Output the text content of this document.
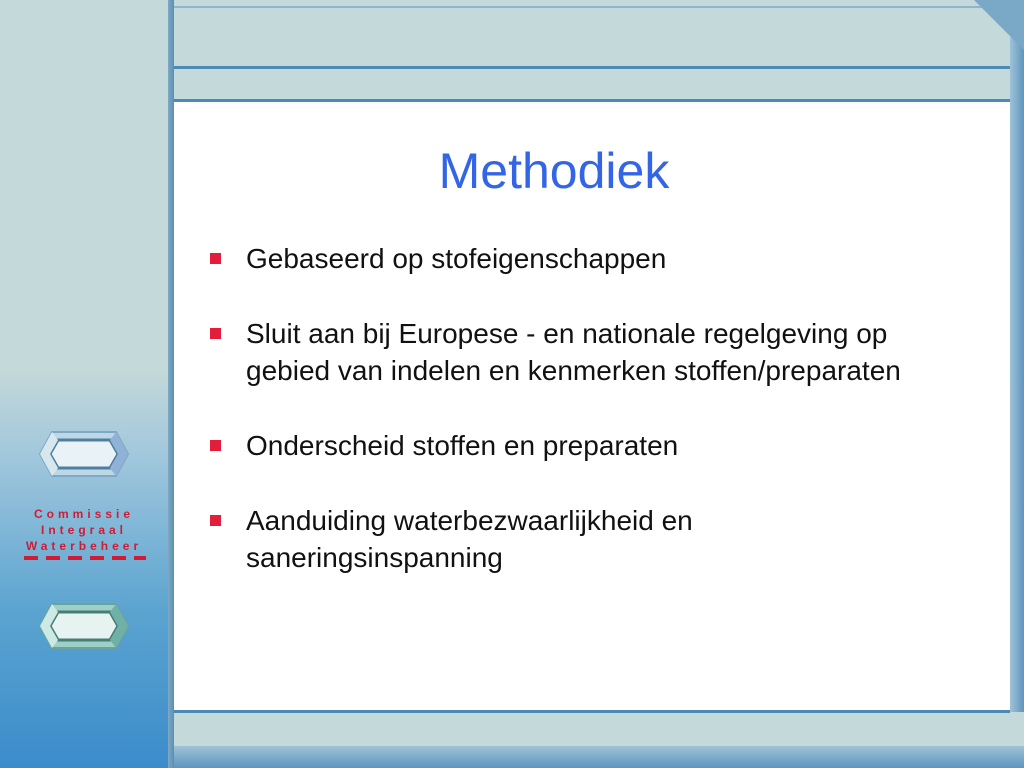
Commissie
Integraal
Waterbeheer
Methodiek
Gebaseerd op stofeigenschappen
Sluit aan bij Europese - en nationale regelgeving op gebied van indelen en kenmerken stoffen/preparaten
Onderscheid stoffen en preparaten
Aanduiding waterbezwaarlijkheid en saneringsinspanning
